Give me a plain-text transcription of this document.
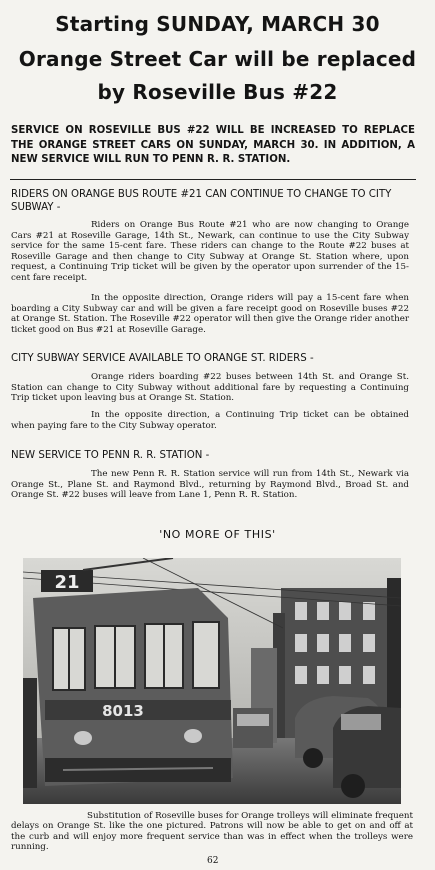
Starting SUNDAY, MARCH 30
Orange Street Car will be replaced
by Roseville Bus #22
SERVICE ON ROSEVILLE BUS #22 WILL BE INCREASED TO REPLACE THE ORANGE STREET CARS ON SUNDAY, MARCH 30. IN ADDITION, A NEW SERVICE WILL RUN TO PENN R. R. STATION.
RIDERS ON ORANGE BUS ROUTE #21 CAN CONTINUE TO CHANGE TO CITY SUBWAY -
Riders on Orange Bus Route #21 who are now changing to Orange Cars #21 at Roseville Garage, 14th St., Newark, can continue to use the City Subway service for the same 15-cent fare. These riders can change to the Route #22 buses at Roseville Garage and then change to City Subway at Orange St. Station where, upon request, a Continuing Trip ticket will be given by the operator upon surrender of the 15-cent fare receipt.
In the opposite direction, Orange riders will pay a 15-cent fare when boarding a City Subway car and will be given a fare receipt good on Roseville buses #22 at Orange St. Station. The Roseville #22 operator will then give the Orange rider another ticket good on Bus #21 at Roseville Garage.
CITY SUBWAY SERVICE AVAILABLE TO ORANGE ST. RIDERS -
Orange riders boarding #22 buses between 14th St. and Orange St. Station can change to City Subway without additional fare by requesting a Continuing Trip ticket upon leaving bus at Orange St. Station.
In the opposite direction, a Continuing Trip ticket can be obtained when paying fare to the City Subway operator.
NEW SERVICE TO PENN R. R. STATION -
The new Penn R. R. Station service will run from 14th St., Newark via Orange St., Plane St. and Raymond Blvd., returning by Raymond Blvd., Broad St. and Orange St. #22 buses will leave from Lane 1, Penn R. R. Station.
'NO MORE OF THIS'
21
8013
Substitution of Roseville buses for Orange trolleys will eliminate frequent delays on Orange St. like the one pictured. Patrons will now be able to get on and off at the curb and will enjoy more frequent service than was in effect when the trolleys were running.
62
